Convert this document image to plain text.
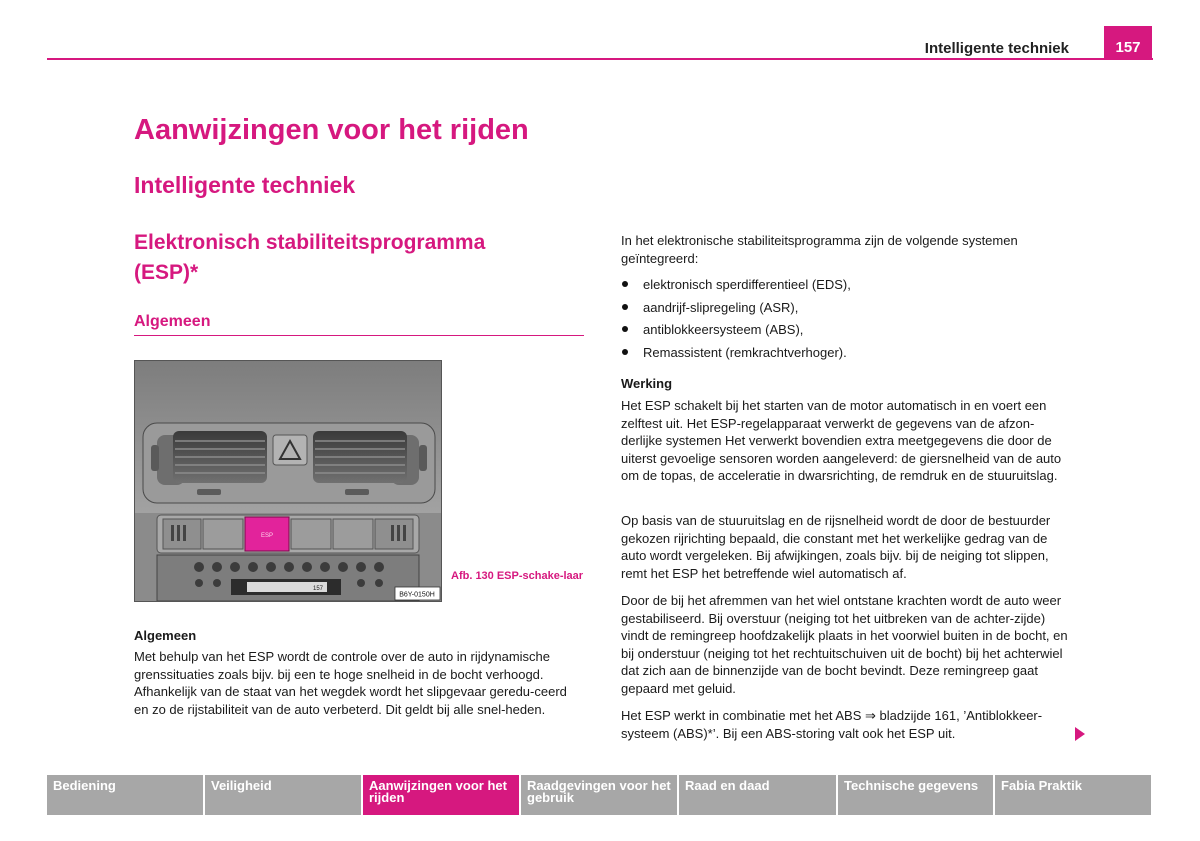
Intelligente techniek	157
Aanwijzingen voor het rijden
Intelligente techniek
Elektronisch stabiliteitsprogramma (ESP)*
Algemeen
ESP
157
B6Y-0150H
Afb. 130 ESP-schake-laar
Algemeen
Met behulp van het ESP wordt de controle over de auto in rijdynamische grenssituaties zoals bijv. bij een te hoge snelheid in de bocht verhoogd. Afhankelijk van de staat van het wegdek wordt het slipgevaar geredu-ceerd en zo de rijstabiliteit van de auto verbeterd. Dit geldt bij alle snel-heden.
In het elektronische stabiliteitsprogramma zijn de volgende systemen geïntegreerd:
elektronisch sperdifferentieel (EDS),
aandrijf-slipregeling (ASR),
antiblokkeersysteem (ABS),
Remassistent (remkrachtverhoger).
Werking
Het ESP schakelt bij het starten van de motor automatisch in en voert een zelftest uit. Het ESP-regelapparaat verwerkt de gegevens van de afzon-derlijke systemen Het verwerkt bovendien extra meetgegevens die door de uiterst gevoelige sensoren worden aangeleverd: de giersnelheid van de auto om de topas, de acceleratie in dwarsrichting, de remdruk en de stuuruitslag.
Op basis van de stuuruitslag en de rijsnelheid wordt de door de bestuurder gekozen rijrichting bepaald, die constant met het werkelijke gedrag van de auto wordt vergeleken. Bij afwijkingen, zoals bijv. bij de neiging tot slippen, remt het ESP het betreffende wiel automatisch af.
Door de bij het afremmen van het wiel ontstane krachten wordt de auto weer gestabiliseerd. Bij overstuur (neiging tot het uitbreken van de achter-zijde) vindt de remingreep hoofdzakelijk plaats in het voorwiel buiten in de bocht, en bij onderstuur (neiging tot het rechtuitschuiven uit de bocht) bij het achterwiel dat zich aan de binnenzijde van de bocht bevindt. Deze remingreep gaat gepaard met geluid.
Het ESP werkt in combinatie met het ABS ⇒ bladzijde 161, ’Antiblokkeer-systeem (ABS)*’. Bij een ABS-storing valt ook het ESP uit.
Bediening	Veiligheid	Aanwijzingen voor het rijden
Raadgevingen voor het gebruik
Raad en daad	Technische gegevens	Fabia Praktik
